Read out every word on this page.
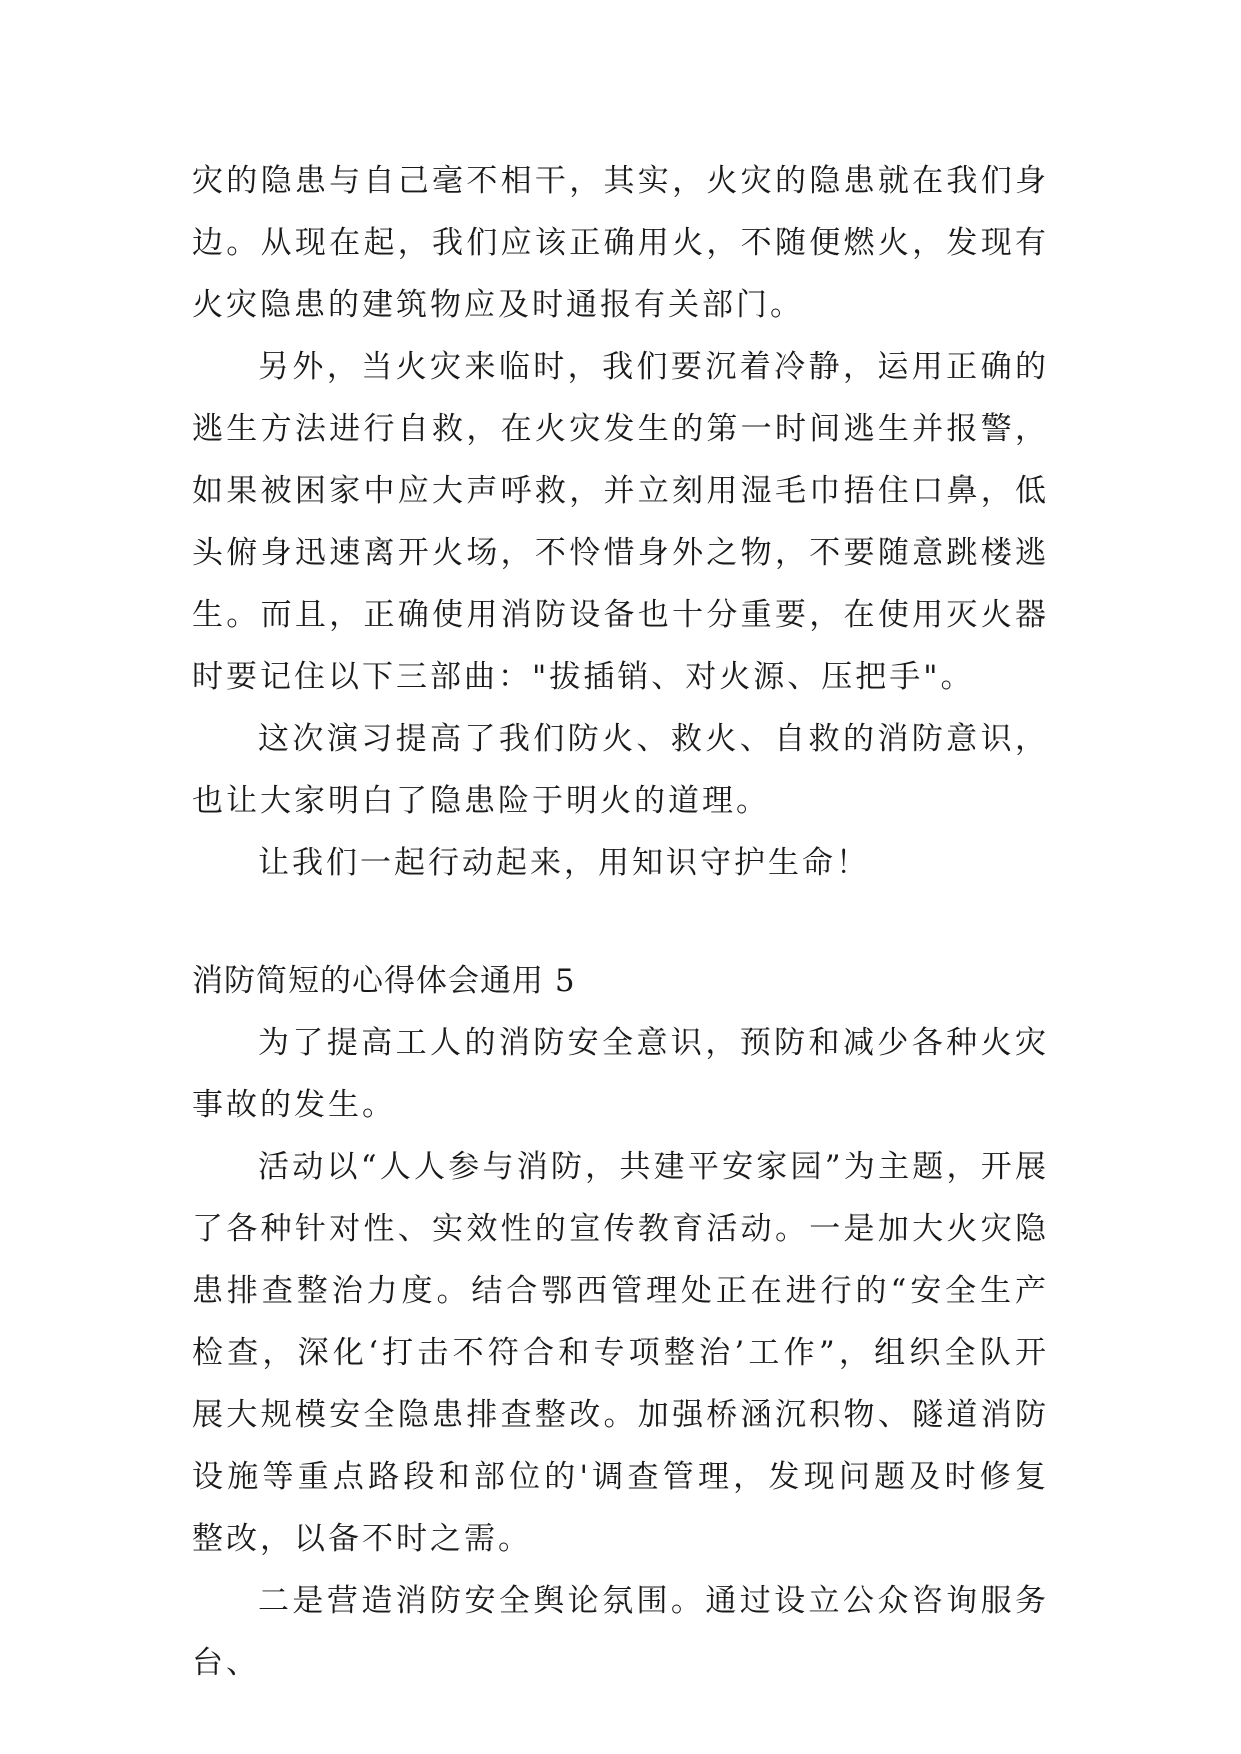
灾的隐患与自己毫不相干，其实，火灾的隐患就在我们身边。从现在起，我们应该正确用火，不随便燃火，发现有火灾隐患的建筑物应及时通报有关部门。

另外，当火灾来临时，我们要沉着冷静，运用正确的逃生方法进行自救，在火灾发生的第一时间逃生并报警，如果被困家中应大声呼救，并立刻用湿毛巾捂住口鼻，低头俯身迅速离开火场，不怜惜身外之物，不要随意跳楼逃生。而且，正确使用消防设备也十分重要，在使用灭火器时要记住以下三部曲："拔插销、对火源、压把手"。

这次演习提高了我们防火、救火、自救的消防意识，也让大家明白了隐患险于明火的道理。

让我们一起行动起来，用知识守护生命！

消防简短的心得体会通用 5

为了提高工人的消防安全意识，预防和减少各种火灾事故的发生。

活动以“人人参与消防，共建平安家园”为主题，开展了各种针对性、实效性的宣传教育活动。一是加大火灾隐患排查整治力度。结合鄂西管理处正在进行的“安全生产检查，深化‘打击不符合和专项整治’工作”，组织全队开展大规模安全隐患排查整改。加强桥涵沉积物、隧道消防设施等重点路段和部位的'调查管理，发现问题及时修复整改，以备不时之需。

二是营造消防安全舆论氛围。通过设立公众咨询服务台、
